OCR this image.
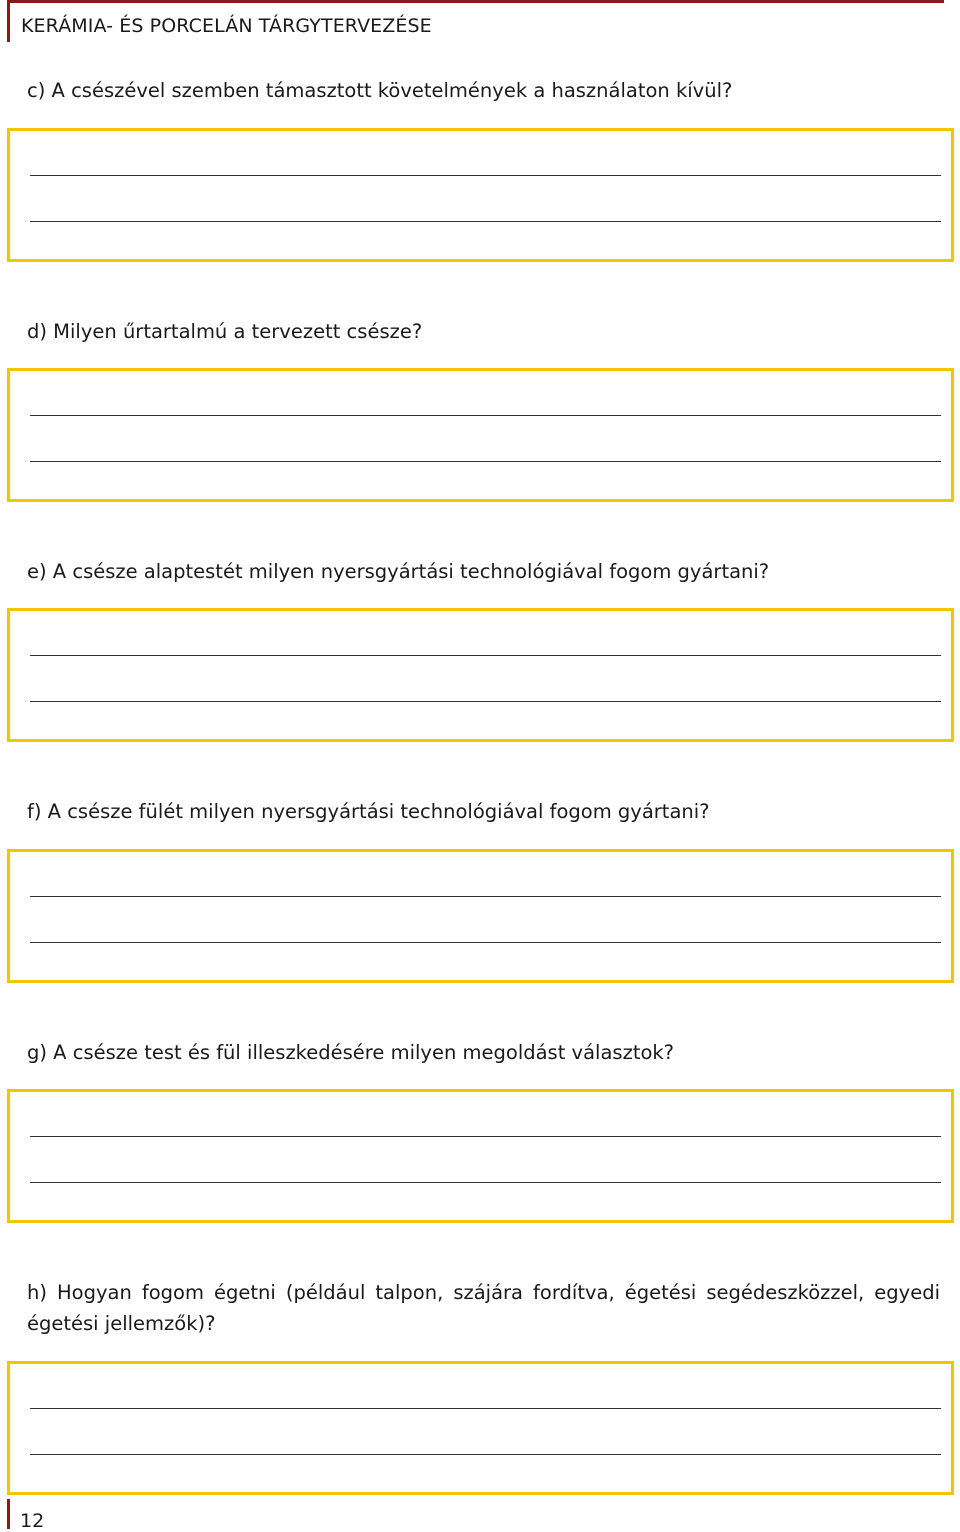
KERÁMIA- ÉS PORCELÁN TÁRGYTERVEZÉSE
c) A csészével szemben támasztott követelmények a használaton kívül?
d) Milyen űrtartalmú a tervezett csésze?
e) A csésze alaptestét milyen nyersgyártási technológiával fogom gyártani?
f) A csésze fülét milyen nyersgyártási technológiával fogom gyártani?
g) A csésze test és fül illeszkedésére milyen megoldást választok?
h) Hogyan fogom égetni (például talpon, szájára fordítva, égetési segédeszközzel, egyedi égetési jellemzők)?
12
